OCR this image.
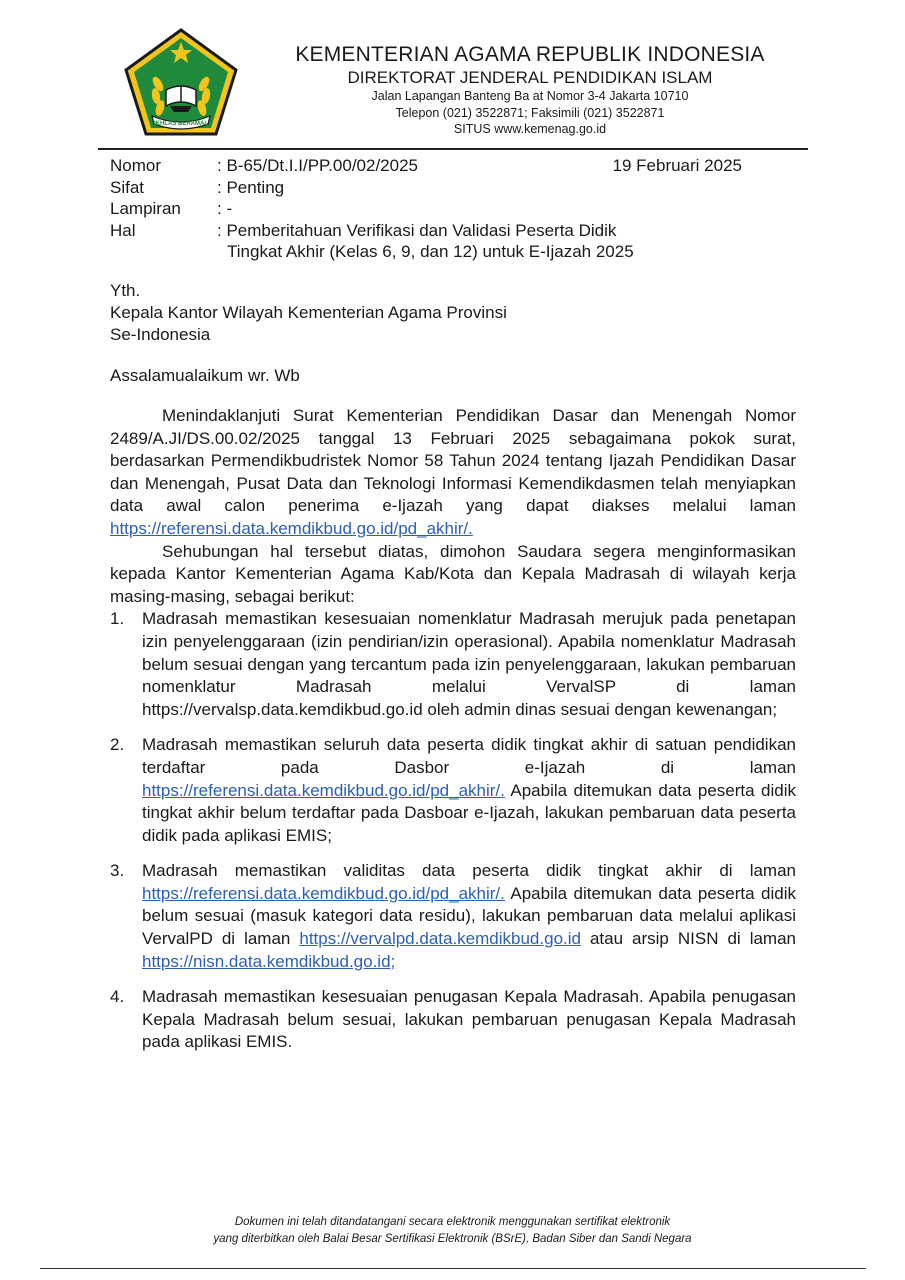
IKHLAS BERAMAL
KEMENTERIAN AGAMA REPUBLIK INDONESIA
DIREKTORAT JENDERAL PENDIDIKAN ISLAM
Jalan Lapangan Banteng Ba at Nomor 3-4 Jakarta 10710
Telepon (021) 3522871; Faksimili (021) 3522871
SITUS www.kemenag.go.id
19 Februari 2025
Nomor	: B-65/Dt.I.I/PP.00/02/2025
Sifat	: Penting
Lampiran	: -
Hal	: Pemberitahuan Verifikasi dan Validasi Peserta Didik
Tingkat Akhir (Kelas 6, 9, dan 12) untuk E-Ijazah 2025
Yth.
Kepala Kantor Wilayah Kementerian Agama Provinsi
Se-Indonesia
Assalamualaikum wr. Wb

Menindaklanjuti Surat Kementerian Pendidikan Dasar dan Menengah Nomor 2489/A.JI/DS.00.02/2025 tanggal 13 Februari 2025 sebagaimana pokok surat, berdasarkan Permendikbudristek Nomor 58 Tahun 2024 tentang Ijazah Pendidikan Dasar dan Menengah, Pusat Data dan Teknologi Informasi Kemendikdasmen telah menyiapkan data awal calon penerima e-Ijazah yang dapat diakses melalui laman https://referensi.data.kemdikbud.go.id/pd_akhir/.

Sehubungan hal tersebut diatas, dimohon Saudara segera menginformasikan kepada Kantor Kementerian Agama Kab/Kota dan Kepala Madrasah di wilayah kerja masing-masing, sebagai berikut:

1. Madrasah memastikan kesesuaian nomenklatur Madrasah merujuk pada penetapan izin penyelenggaraan (izin pendirian/izin operasional). Apabila nomenklatur Madrasah belum sesuai dengan yang tercantum pada izin penyelenggaraan, lakukan pembaruan nomenklatur Madrasah melalui VervalSP di laman https://vervalsp.data.kemdikbud.go.id oleh admin dinas sesuai dengan kewenangan;
2. Madrasah memastikan seluruh data peserta didik tingkat akhir di satuan pendidikan terdaftar pada Dasbor e-Ijazah di laman https://referensi.data.kemdikbud.go.id/pd_akhir/. Apabila ditemukan data peserta didik tingkat akhir belum terdaftar pada Dasboar e-Ijazah, lakukan pembaruan data peserta didik pada aplikasi EMIS;
3. Madrasah memastikan validitas data peserta didik tingkat akhir di laman https://referensi.data.kemdikbud.go.id/pd_akhir/. Apabila ditemukan data peserta didik belum sesuai (masuk kategori data residu), lakukan pembaruan data melalui aplikasi VervalPD di laman https://vervalpd.data.kemdikbud.go.id atau arsip NISN di laman https://nisn.data.kemdikbud.go.id;
4. Madrasah memastikan kesesuaian penugasan Kepala Madrasah. Apabila penugasan Kepala Madrasah belum sesuai, lakukan pembaruan penugasan Kepala Madrasah pada aplikasi EMIS.
Dokumen ini telah ditandatangani secara elektronik menggunakan sertifikat elektronik
yang diterbitkan oleh Balai Besar Sertifikasi Elektronik (BSrE), Badan Siber dan Sandi Negara
